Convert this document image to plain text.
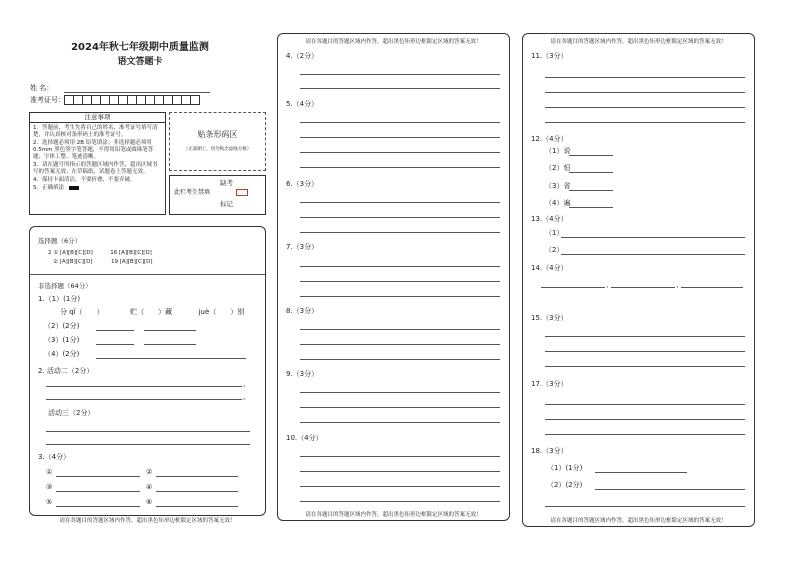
2024年秋七年级期中质量监测
语文答题卡
姓 名：
准考证号：
注意事项
1．答题前，考生先将自己的姓名、准考证号填写清楚，并认真核对条形码上的准考证号。
2．选择题必须用 2B 铅笔填涂；非选择题必须用 0.5mm 黑色签字笔答题，不得用铅笔或圆珠笔答题；字体工整、笔迹清晰。
3．请在题号所指示的答题区域内作答，超出区域书写的答案无效；在草稿纸、试题卷上答题无效。
4．保持卡面清洁，不要折叠、不要弄破。
5．正确填涂
贴条形码区
（正面朝上，切勿贴出虚线方框）
缺考
此栏考生禁填
标记
选择题（6分）
2 ① [A][B][C][D]	16 [A][B][C][D]
② [A][B][C][D]	19 [A][B][C][D]
非选择题（64分）
1.（1）(1分)
分 qǐ（ ）	贮（ ）藏	juè（ ）别
（2）(2分)
（3）(1分)
（4）(2分)
2. 活动二（2分）
，
。
活动三（2分）
3.（4分）
①	②
③	④
⑤	⑥
请在各题目的答题区域内作答，超出黑色矩形边框限定区域的答案无效！
请在各题目的答题区域内作答，超出黑色矩形边框限定区域的答案无效！
4.（2分）
5.（4分）
6.（3分）
7.（3分）
8.（3分）
9.（3分）
10.（4分）
请在各题目的答题区域内作答，超出黑色矩形边框限定区域的答案无效！
请在各题目的答题区域内作答，超出黑色矩形边框限定区域的答案无效！
11.（3分）
12.（4分）
（1）说
（2）恒
（3）省
（4）遍
13.（4分）
（1）
（2）
14.（4分）
、	、
15.（3分）
17.（3分）
18.（3分）
（1）(1分)
（2）(2分)
请在各题目的答题区域内作答，超出黑色矩形边框限定区域的答案无效！
